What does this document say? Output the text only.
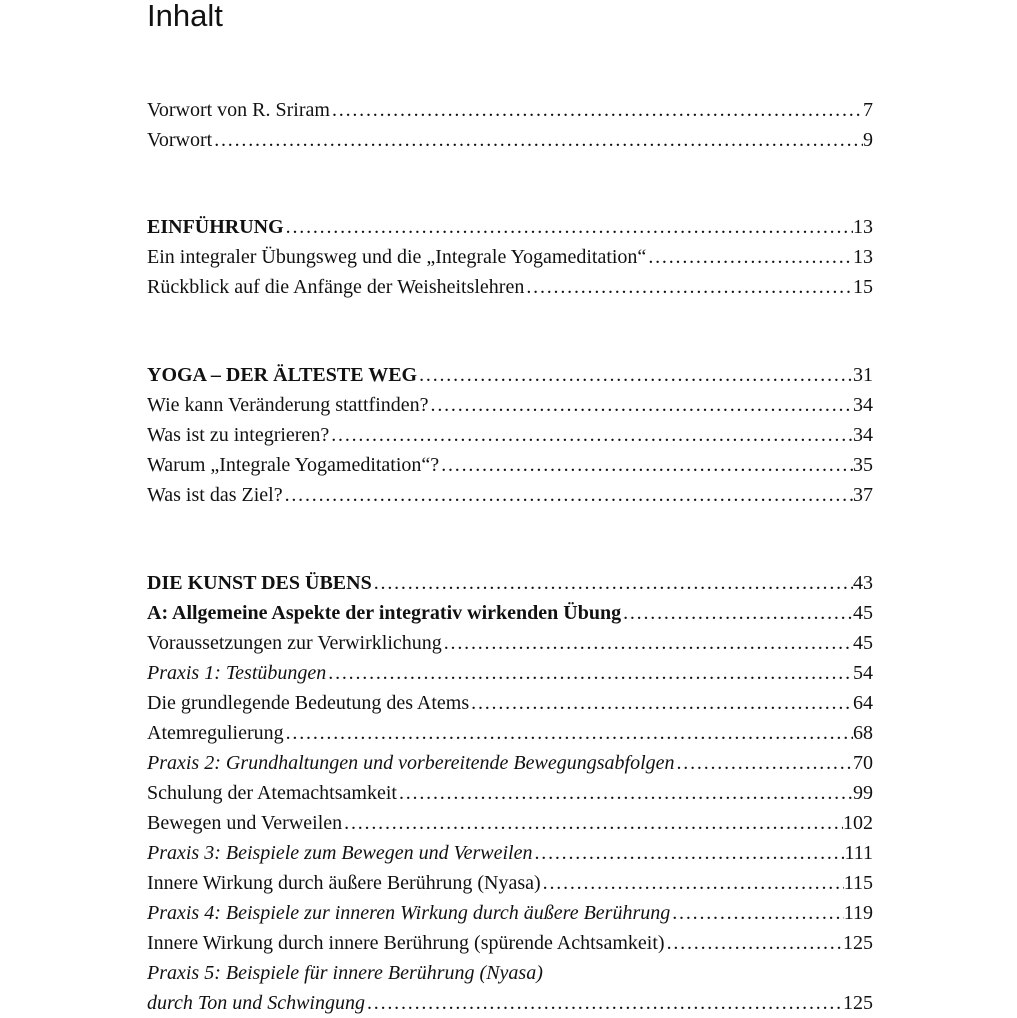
Inhalt
Vorwort von R. Sriram . . .	7
Vorwort . . .	9
EINFÜHRUNG . . .	13
Ein integraler Übungsweg und die „Integrale Yogameditation“ . . .	13
Rückblick auf die Anfänge der Weisheitslehren . . .	15
YOGA – DER ÄLTESTE WEG . . .	31
Wie kann Veränderung stattfinden? . . .	34
Was ist zu integrieren? . . .	34
Warum „Integrale Yogameditation“? . . .	35
Was ist das Ziel? . . .	37
DIE KUNST DES ÜBENS . . .	43
A: Allgemeine Aspekte der integrativ wirkenden Übung . . .	45
Voraussetzungen zur Verwirklichung . . .	45
Praxis 1: Testübungen . . .	54
Die grundlegende Bedeutung des Atems . . .	64
Atemregulierung . . .	68
Praxis 2: Grundhaltungen und vorbereitende Bewegungsabfolgen . . .	70
Schulung der Atemachtsamkeit . . .	99
Bewegen und Verweilen . . .	102
Praxis 3: Beispiele zum Bewegen und Verweilen . . .	111
Innere Wirkung durch äußere Berührung (Nyasa) . . .	115
Praxis 4: Beispiele zur inneren Wirkung durch äußere Berührung . . .	119
Innere Wirkung durch innere Berührung (spürende Achtsamkeit) . . .	125
Praxis 5: Beispiele für innere Berührung (Nyasa)
durch Ton und Schwingung . . .	125
